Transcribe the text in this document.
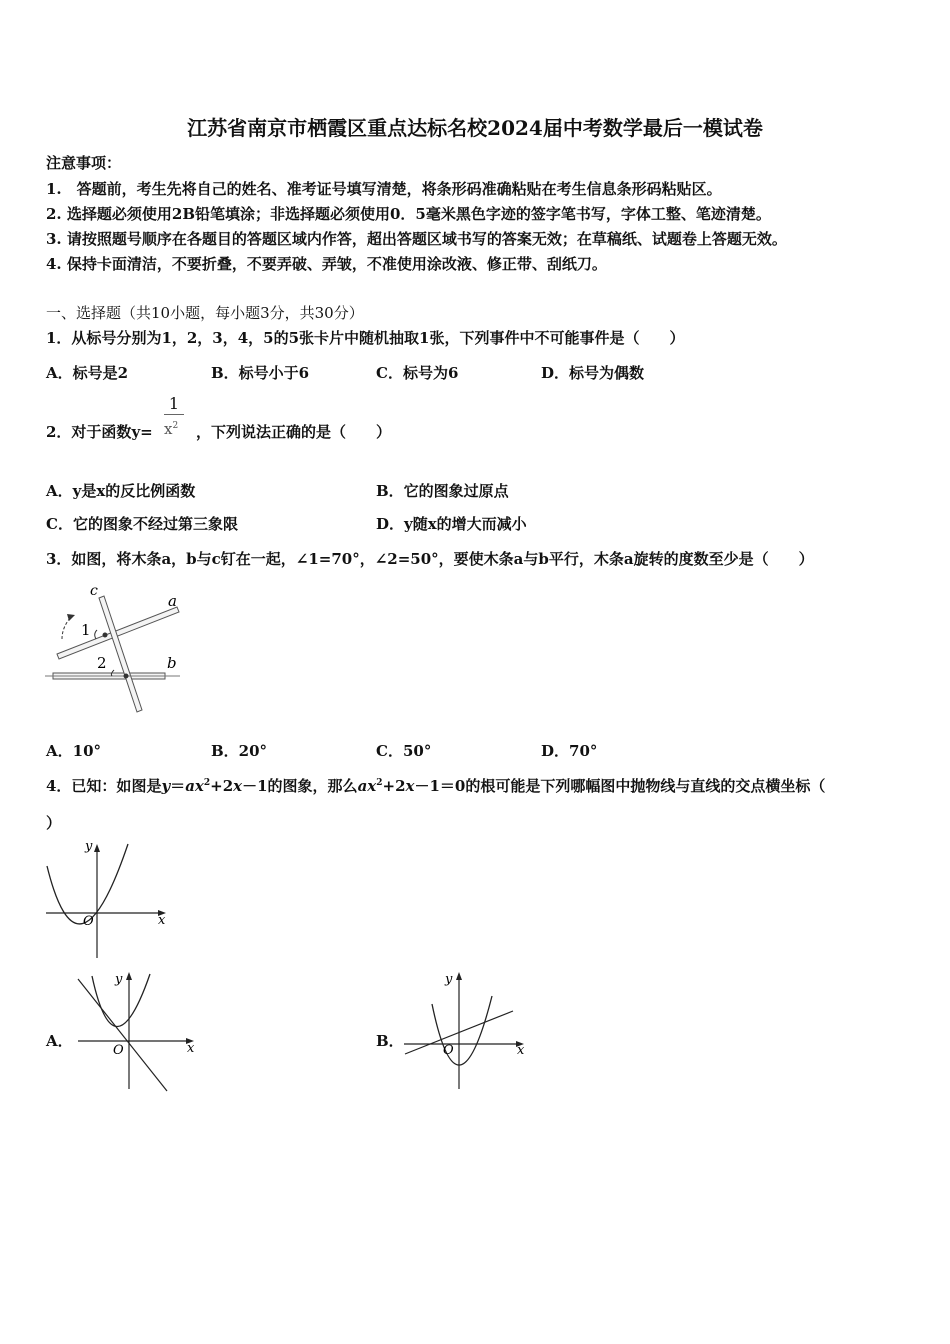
江苏省南京市栖霞区重点达标名校2024届中考数学最后一模试卷
注意事项：
1.　答题前，考生先将自己的姓名、准考证号填写清楚，将条形码准确粘贴在考生信息条形码粘贴区。
2. 选择题必须使用2B铅笔填涂；非选择题必须使用0．5毫米黑色字迹的签字笔书写，字体工整、笔迹清楚。
3. 请按照题号顺序在各题目的答题区域内作答，超出答题区域书写的答案无效；在草稿纸、试题卷上答题无效。
4. 保持卡面清洁，不要折叠，不要弄破、弄皱，不准使用涂改液、修正带、刮纸刀。
一、选择题（共10小题，每小题3分，共30分）
1．从标号分别为1，2，3，4，5的5张卡片中随机抽取1张，下列事件中不可能事件是（　　）
A．标号是2	B．标号小于6	C．标号为6	D．标号为偶数
2．对于函数y=
1
$x^2$ ，下列说法正确的是（　　）
A．y是x的反比例函数	B．它的图象过原点
C．它的图象不经过第三象限	D．y随x的增大而减小
3．如图，将木条a，b与c钉在一起，∠1=70°，∠2=50°，要使木条a与b平行，木条a旋转的度数至少是（　　）
c
a
b
1
2
A．10°	B．20°	C．50°	D．70°
4．已知：如图是$y=ax^2+2x-1$的图象，那么$ax^2+2x-1=0$的根可能是下列哪幅图中抛物线与直线的交点横坐标（
）
y
x
O
A．
y
x
O
B．
y
x
O
